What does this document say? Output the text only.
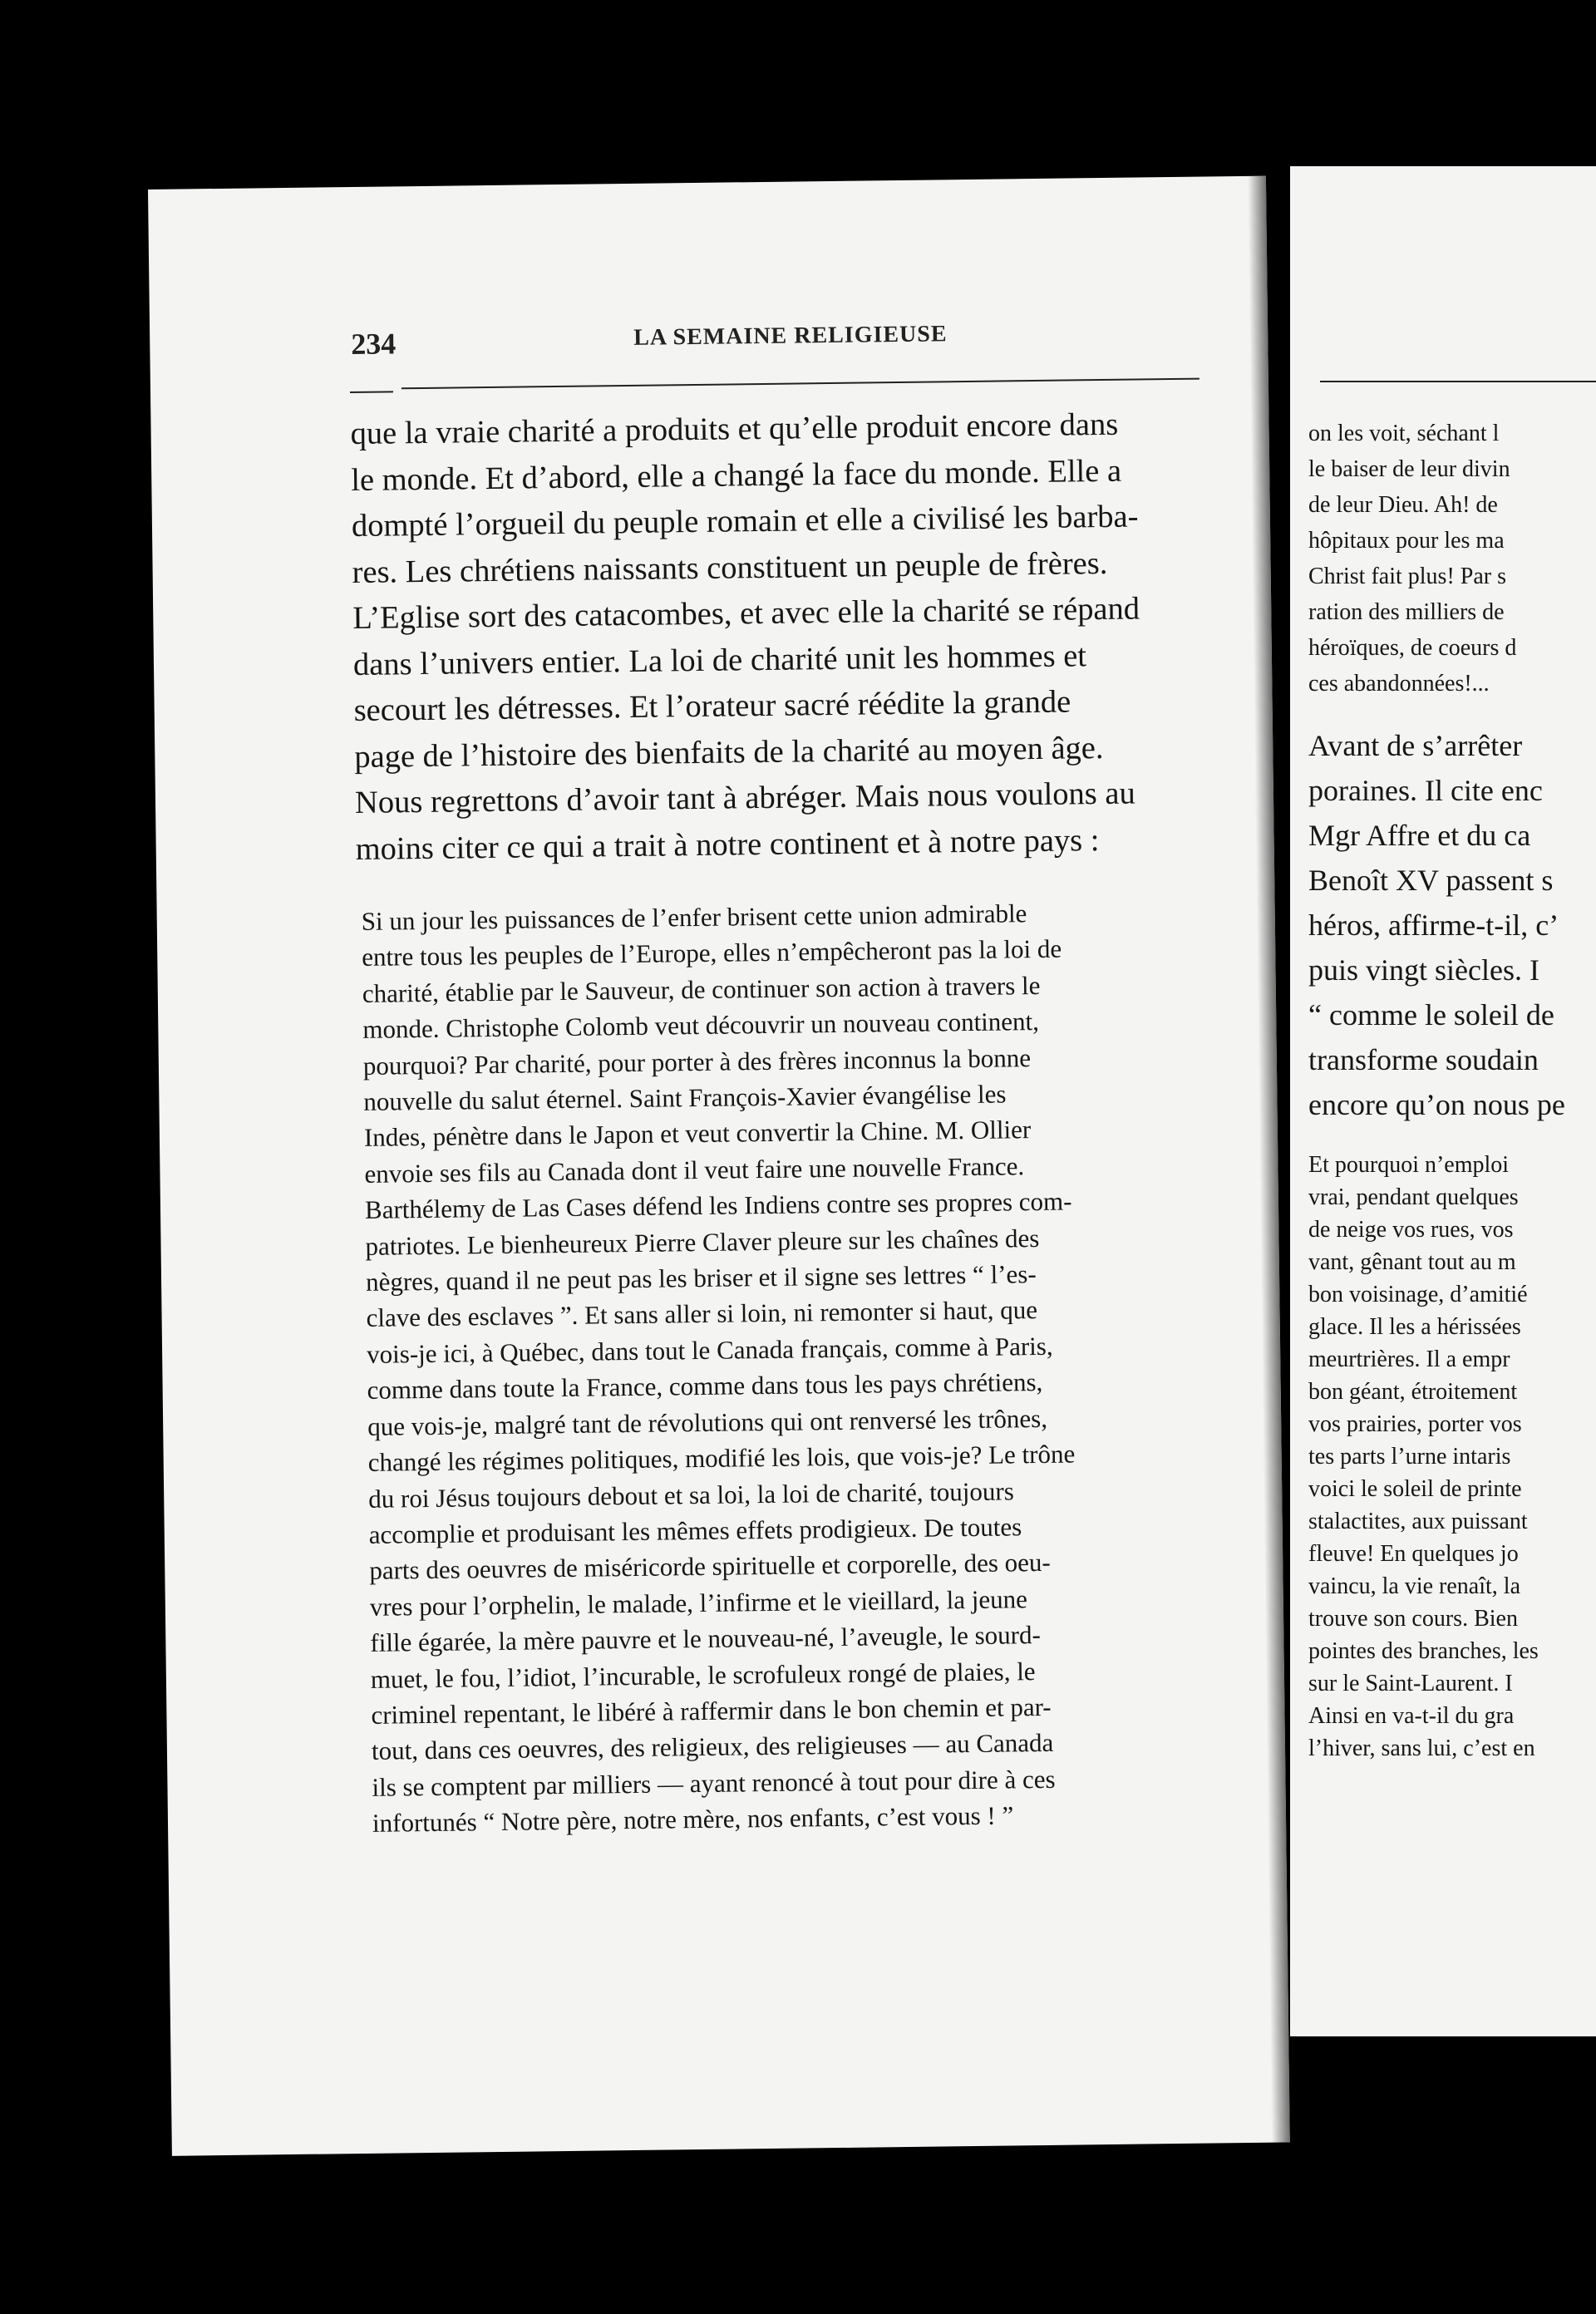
234	LA SEMAINE RELIGIEUSE
que la vraie charité a produits et qu’elle produit encore dans
le monde. Et d’abord, elle a changé la face du monde. Elle a
dompté l’orgueil du peuple romain et elle a civilisé les barba-
res. Les chrétiens naissants constituent un peuple de frères.
L’Eglise sort des catacombes, et avec elle la charité se répand
dans l’univers entier. La loi de charité unit les hommes et
secourt les détresses. Et l’orateur sacré réédite la grande
page de l’histoire des bienfaits de la charité au moyen âge.
Nous regrettons d’avoir tant à abréger. Mais nous voulons au
moins citer ce qui a trait à notre continent et à notre pays :
Si un jour les puissances de l’enfer brisent cette union admirable
entre tous les peuples de l’Europe, elles n’empêcheront pas la loi de
charité, établie par le Sauveur, de continuer son action à travers le
monde. Christophe Colomb veut découvrir un nouveau continent,
pourquoi? Par charité, pour porter à des frères inconnus la bonne
nouvelle du salut éternel. Saint François-Xavier évangélise les
Indes, pénètre dans le Japon et veut convertir la Chine. M. Ollier
envoie ses fils au Canada dont il veut faire une nouvelle France.
Barthélemy de Las Cases défend les Indiens contre ses propres com-
patriotes. Le bienheureux Pierre Claver pleure sur les chaînes des
nègres, quand il ne peut pas les briser et il signe ses lettres “ l’es-
clave des esclaves ”. Et sans aller si loin, ni remonter si haut, que
vois-je ici, à Québec, dans tout le Canada français, comme à Paris,
comme dans toute la France, comme dans tous les pays chrétiens,
que vois-je, malgré tant de révolutions qui ont renversé les trônes,
changé les régimes politiques, modifié les lois, que vois-je? Le trône
du roi Jésus toujours debout et sa loi, la loi de charité, toujours
accomplie et produisant les mêmes effets prodigieux. De toutes
parts des oeuvres de miséricorde spirituelle et corporelle, des oeu-
vres pour l’orphelin, le malade, l’infirme et le vieillard, la jeune
fille égarée, la mère pauvre et le nouveau-né, l’aveugle, le sourd-
muet, le fou, l’idiot, l’incurable, le scrofuleux rongé de plaies, le
criminel repentant, le libéré à raffermir dans le bon chemin et par-
tout, dans ces oeuvres, des religieux, des religieuses — au Canada
ils se comptent par milliers — ayant renoncé à tout pour dire à ces
infortunés “ Notre père, notre mère, nos enfants, c’est vous ! ”
on les voit, séchant l
le baiser de leur divin
de leur Dieu. Ah! de
hôpitaux pour les ma
Christ fait plus! Par s
ration des milliers de
héroïques, de coeurs d
ces abandonnées!...
Avant de s’arrêter
poraines. Il cite enc
Mgr Affre et du ca
Benoît XV passent s
héros, affirme-t-il, c’
puis vingt siècles. I
“ comme le soleil de
transforme soudain
encore qu’on nous pe
Et pourquoi n’emploi
vrai, pendant quelques
de neige vos rues, vos
vant, gênant tout au m
bon voisinage, d’amitié
glace. Il les a hérissées
meurtrières. Il a empr
bon géant, étroitement
vos prairies, porter vos
tes parts l’urne intaris
voici le soleil de printe
stalactites, aux puissant
fleuve! En quelques jo
vaincu, la vie renaît, la
trouve son cours. Bien
pointes des branches, les
sur le Saint-Laurent. I
Ainsi en va-t-il du gra
l’hiver, sans lui, c’est en
